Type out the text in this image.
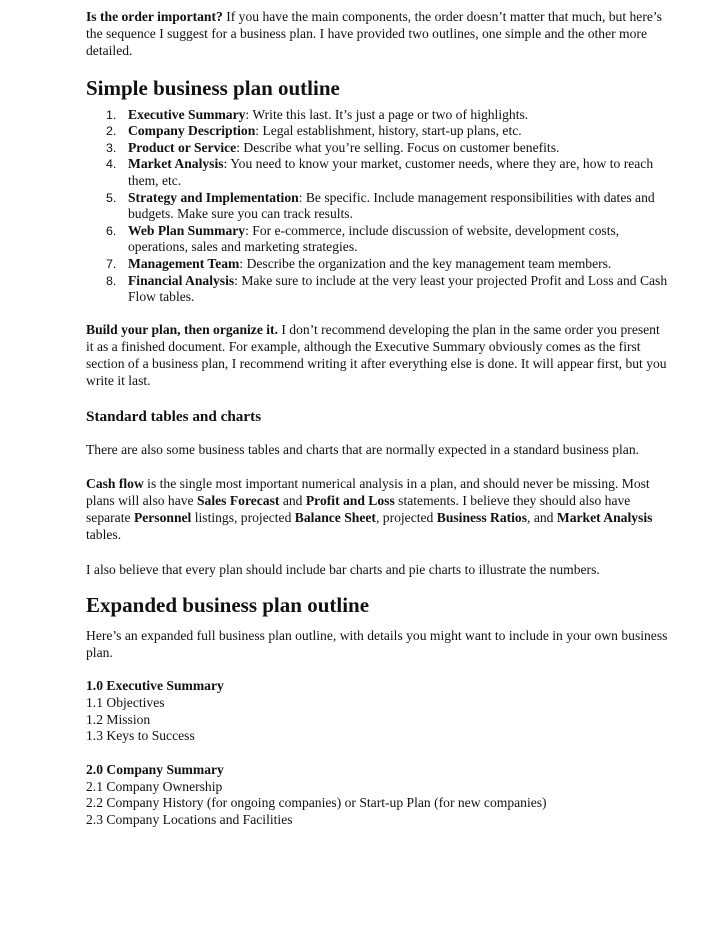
Is the order important? If you have the main components, the order doesn’t matter that much, but here’s the sequence I suggest for a business plan. I have provided two outlines, one simple and the other more detailed.

Simple business plan outline
1. Executive Summary: Write this last. It’s just a page or two of highlights.
2. Company Description: Legal establishment, history, start-up plans, etc.
3. Product or Service: Describe what you’re selling. Focus on customer benefits.
4. Market Analysis: You need to know your market, customer needs, where they are, how to reach them, etc.
5. Strategy and Implementation: Be specific. Include management responsibilities with dates and budgets. Make sure you can track results.
6. Web Plan Summary: For e-commerce, include discussion of website, development costs, operations, sales and marketing strategies.
7. Management Team: Describe the organization and the key management team members.
8. Financial Analysis: Make sure to include at the very least your projected Profit and Loss and Cash Flow tables.

Build your plan, then organize it. I don’t recommend developing the plan in the same order you present it as a finished document. For example, although the Executive Summary obviously comes as the first section of a business plan, I recommend writing it after everything else is done. It will appear first, but you write it last.

Standard tables and charts

There are also some business tables and charts that are normally expected in a standard business plan.

Cash flow is the single most important numerical analysis in a plan, and should never be missing. Most plans will also have Sales Forecast and Profit and Loss statements. I believe they should also have separate Personnel listings, projected Balance Sheet, projected Business Ratios, and Market Analysis tables.

I also believe that every plan should include bar charts and pie charts to illustrate the numbers.

Expanded business plan outline

Here’s an expanded full business plan outline, with details you might want to include in your own business plan.

1.0 Executive Summary
1.1 Objectives
1.2 Mission
1.3 Keys to Success
2.0 Company Summary
2.1 Company Ownership
2.2 Company History (for ongoing companies) or Start-up Plan (for new companies)
2.3 Company Locations and Facilities
